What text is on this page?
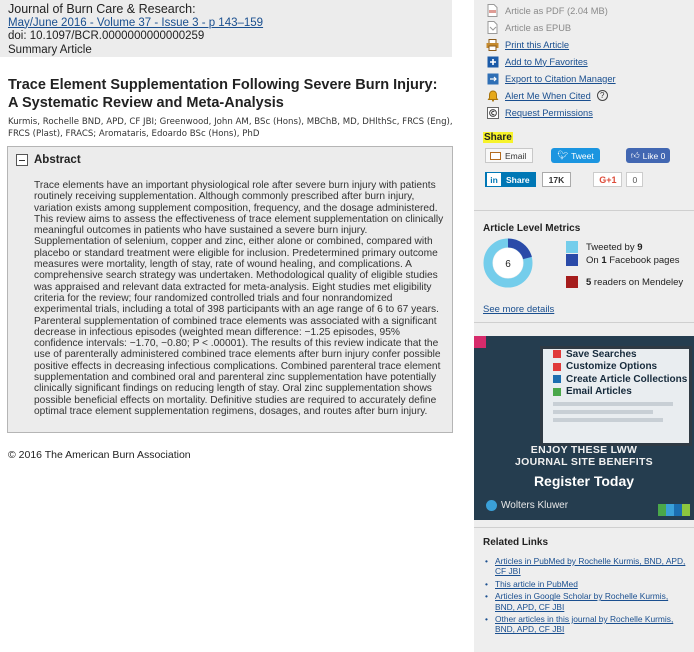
Journal of Burn Care & Research:
May/June 2016 - Volume 37 - Issue 3 - p 143–159
doi: 10.1097/BCR.0000000000000259
Summary Article
Trace Element Supplementation Following Severe Burn Injury: A Systematic Review and Meta-Analysis
Kurmis, Rochelle BND, APD, CF JBI; Greenwood, John AM, BSc (Hons), MBChB, MD, DHlthSc, FRCS (Eng), FRCS (Plast), FRACS; Aromataris, Edoardo BSc (Hons), PhD
Abstract

Trace elements have an important physiological role after severe burn injury with patients routinely receiving supplementation. Although commonly prescribed after burn injury, variation exists among supplement composition, frequency, and the dosage administered. This review aims to assess the effectiveness of trace element supplementation on clinically meaningful outcomes in patients who have sustained a severe burn injury. Supplementation of selenium, copper and zinc, either alone or combined, compared with placebo or standard treatment were eligible for inclusion. Predetermined primary outcome measures were mortality, length of stay, rate of wound healing, and complications. A comprehensive search strategy was undertaken. Methodological quality of eligible studies was appraised and relevant data extracted for meta-analysis. Eight studies met eligibility criteria for the review; four randomized controlled trials and four nonrandomized experimental trials, including a total of 398 participants with an age range of 6 to 67 years. Parenteral supplementation of combined trace elements was associated with a significant decrease in infectious episodes (weighted mean difference: −1.25 episodes, 95% confidence intervals: −1.70, −0.80; P < .00001). The results of this review indicate that the use of parenterally administered combined trace elements after burn injury confer possible positive effects in decreasing infectious complications. Combined parenteral trace element supplementation and combined oral and parenteral zinc supplementation have potentially clinically significant findings on reducing length of stay. Oral zinc supplementation shows possible beneficial effects on mortality. Definitive studies are required to accurately define optimal trace element supplementation regimens, dosages, and routes after burn injury.

© 2016 The American Burn Association
Article as PDF (2.04 MB)
Article as EPUB
Print this Article
Add to My Favorites
Export to Citation Manager
Alert Me When Cited	?
Request Permissions
Share
Email	🐦︎ Tweet	👍︎ Like 0
in Share	17K	G+1	0
Article Level Metrics
6
Tweeted by 9
On 1 Facebook pages
5 readers on Mendeley
See more details
Save Searches
Customize Options
Create Article Collections
Email Articles
ENJOY THESE LWW
JOURNAL SITE BENEFITS
Register Today
Wolters Kluwer
Related Links
• Articles in PubMed by Rochelle Kurmis, BND, APD, CF JBI
• This article in PubMed
• Articles in Google Scholar by Rochelle Kurmis, BND, APD, CF JBI
• Other articles in this journal by Rochelle Kurmis, BND, APD, CF JBI
